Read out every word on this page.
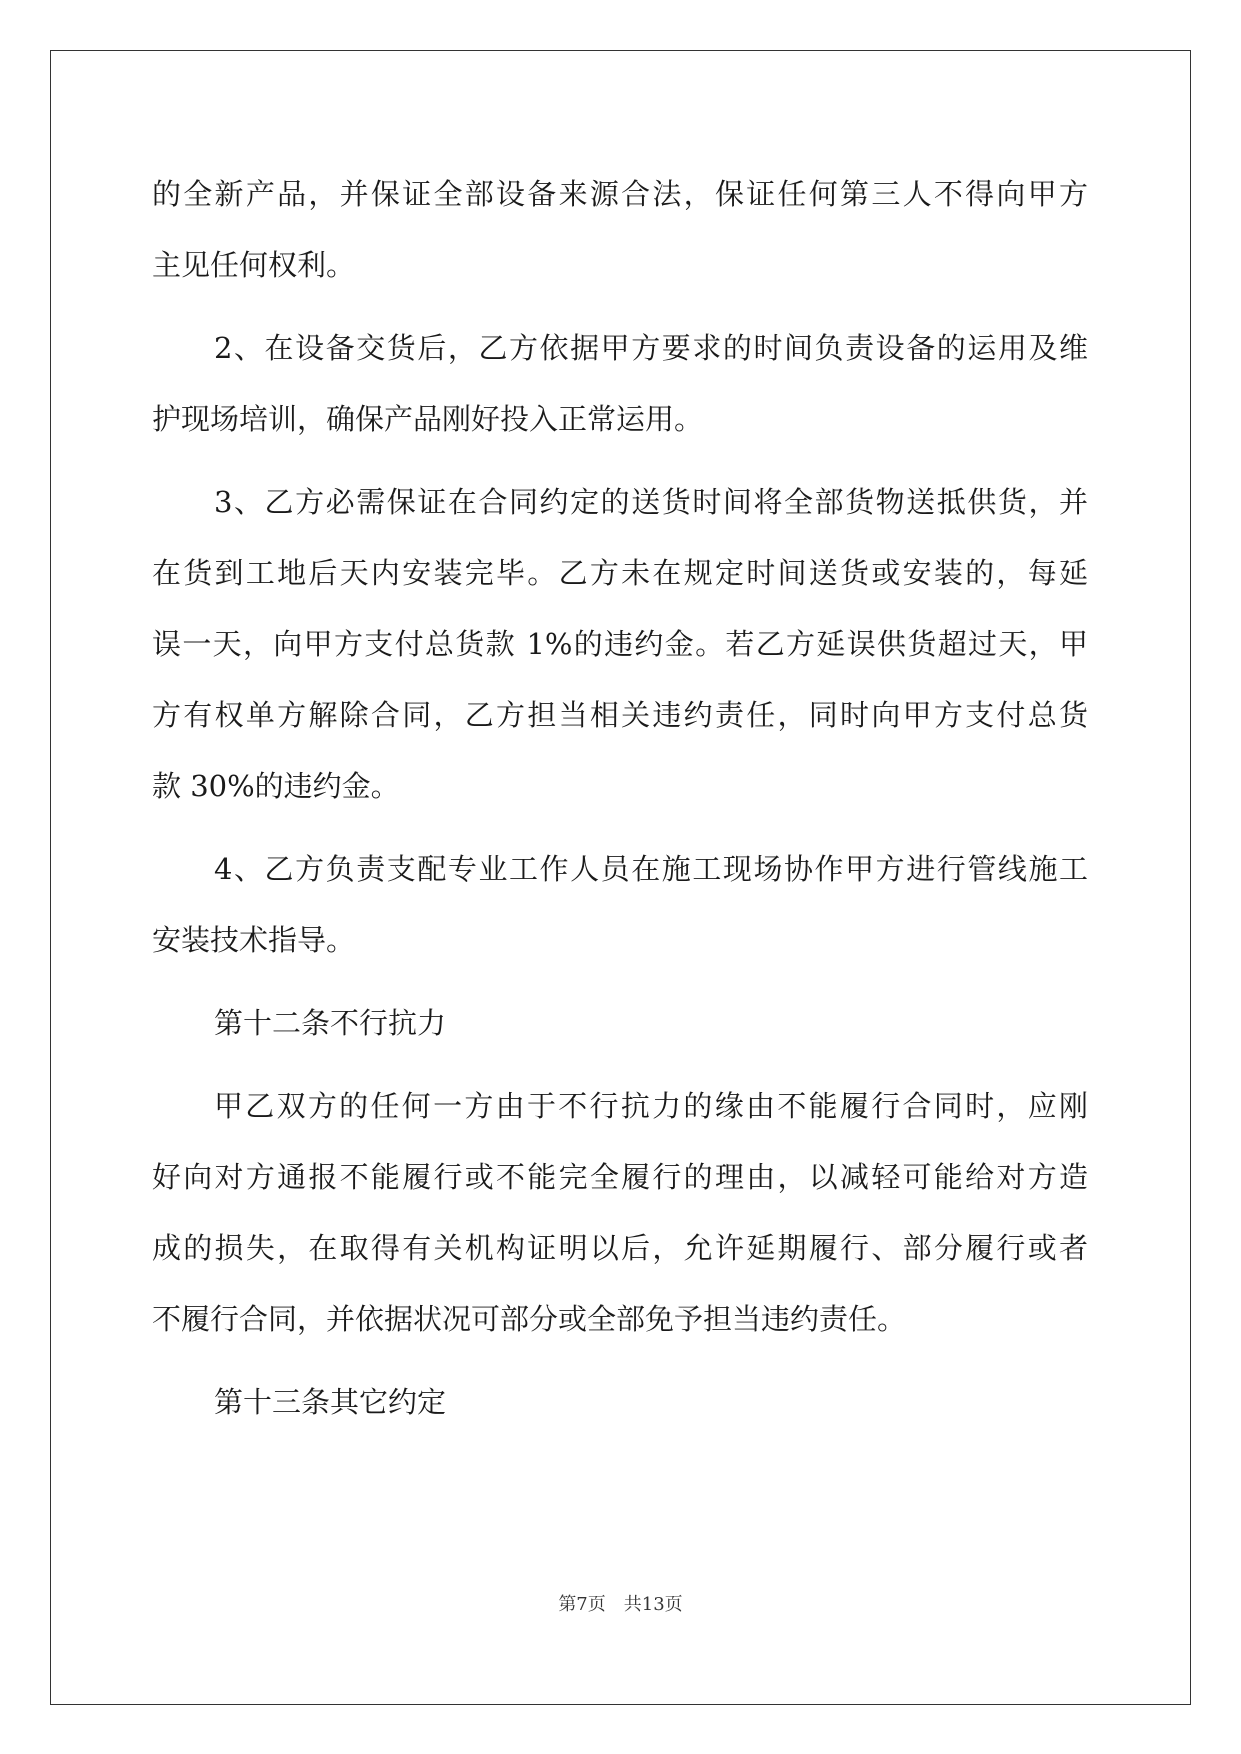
的全新产品，并保证全部设备来源合法，保证任何第三人不得向甲方
主见任何权利。
2、在设备交货后，乙方依据甲方要求的时间负责设备的运用及维
护现场培训，确保产品刚好投入正常运用。
3、乙方必需保证在合同约定的送货时间将全部货物送抵供货，并
在货到工地后天内安装完毕。乙方未在规定时间送货或安装的，每延
误一天，向甲方支付总货款 1%的违约金。若乙方延误供货超过天，甲
方有权单方解除合同，乙方担当相关违约责任，同时向甲方支付总货
款 30%的违约金。
4、乙方负责支配专业工作人员在施工现场协作甲方进行管线施工
安装技术指导。
第十二条不行抗力
甲乙双方的任何一方由于不行抗力的缘由不能履行合同时，应刚
好向对方通报不能履行或不能完全履行的理由，以减轻可能给对方造
成的损失，在取得有关机构证明以后，允许延期履行、部分履行或者
不履行合同，并依据状况可部分或全部免予担当违约责任。
第十三条其它约定
第7页 共13页
